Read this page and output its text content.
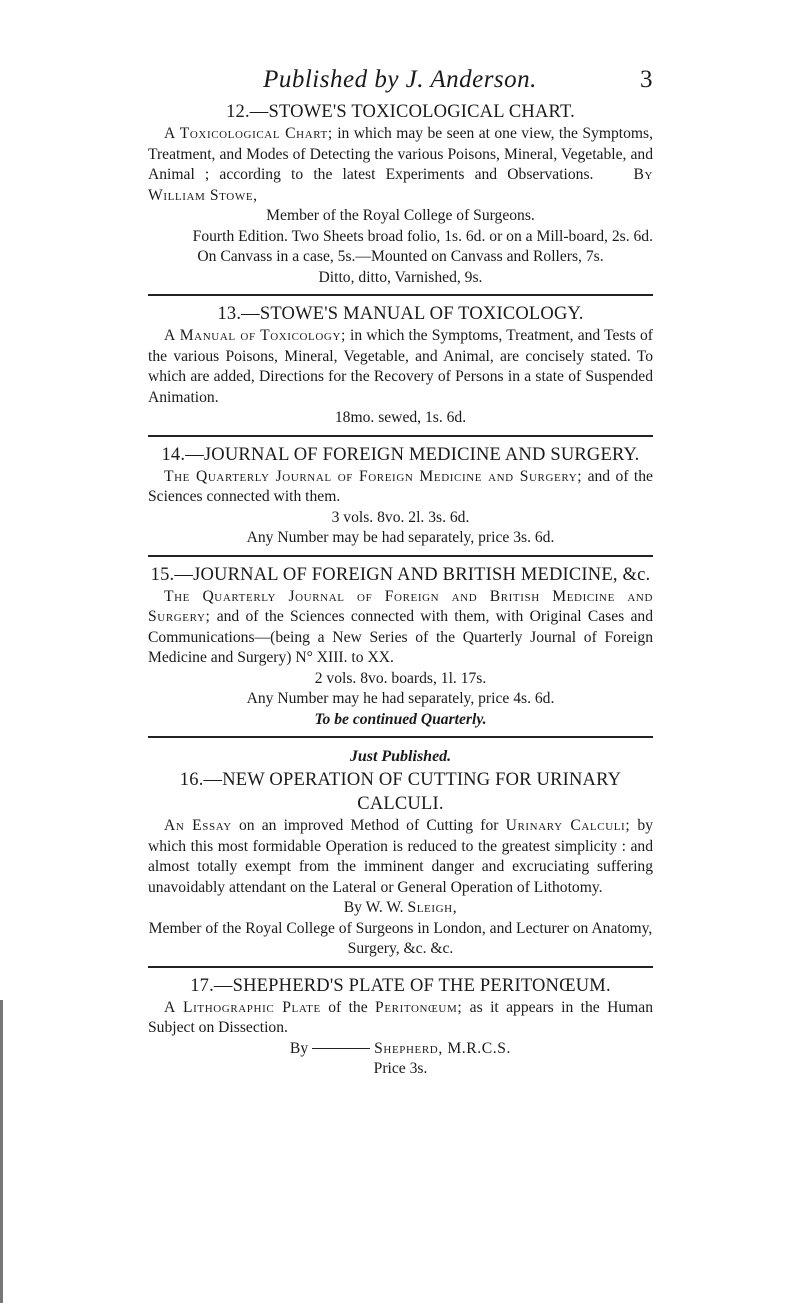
Published by J. Anderson.	3

12.—STOWE'S TOXICOLOGICAL CHART.

A Toxicological Chart; in which may be seen at one view, the Symptoms, Treatment, and Modes of Detecting the various Poisons, Mineral, Vegetable, and Animal ; according to the latest Experiments and Observations.	By William Stowe,

Member of the Royal College of Surgeons.

Fourth Edition. Two Sheets broad folio, 1s. 6d. or on a Mill-board, 2s. 6d.

On Canvass in a case, 5s.—Mounted on Canvass and Rollers, 7s.

Ditto, ditto, Varnished, 9s.

13.—STOWE'S MANUAL OF TOXICOLOGY.

A Manual of Toxicology; in which the Symptoms, Treatment, and Tests of the various Poisons, Mineral, Vegetable, and Animal, are concisely stated. To which are added, Directions for the Recovery of Persons in a state of Suspended Animation.

18mo. sewed, 1s. 6d.

14.—JOURNAL OF FOREIGN MEDICINE AND SURGERY.

The Quarterly Journal of Foreign Medicine and Surgery; and of the Sciences connected with them.

3 vols. 8vo. 2l. 3s. 6d.

Any Number may be had separately, price 3s. 6d.

15.—JOURNAL OF FOREIGN AND BRITISH MEDICINE, &c.

The Quarterly Journal of Foreign and British Medicine and Surgery; and of the Sciences connected with them, with Original Cases and Communications—(being a New Series of the Quarterly Journal of Foreign Medicine and Surgery) N° XIII. to XX.

2 vols. 8vo. boards, 1l. 17s.

Any Number may he had separately, price 4s. 6d.

To be continued Quarterly.

Just Published.

16.—NEW OPERATION OF CUTTING FOR URINARY

CALCULI.

An Essay on an improved Method of Cutting for Urinary Calculi; by which this most formidable Operation is reduced to the greatest simplicity : and almost totally exempt from the imminent danger and excruciating suffering unavoidably attendant on the Lateral or General Operation of Lithotomy.

By W. W. Sleigh,

Member of the Royal College of Surgeons in London, and Lecturer on Anatomy, Surgery, &c. &c.

17.—SHEPHERD'S PLATE OF THE PERITONŒUM.

A Lithographic Plate of the Peritonœum; as it appears in the Human Subject on Dissection.

By	Shepherd, M.R.C.S.

Price 3s.
